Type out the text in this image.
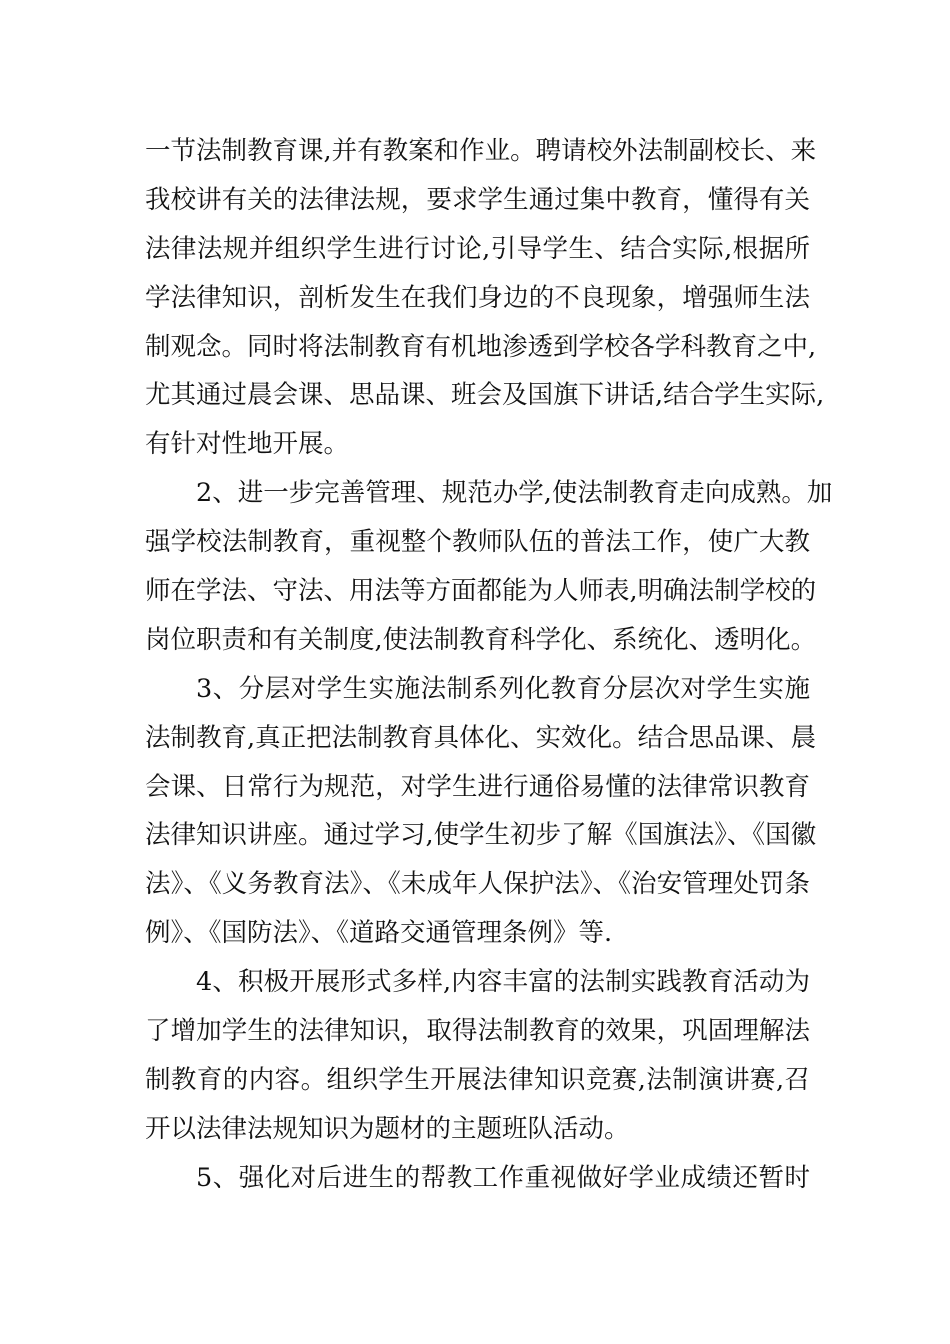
一节法制教育课,并有教案和作业。聘请校外法制副校长、来
我校讲有关的法律法规，要求学生通过集中教育，懂得有关
法律法规并组织学生进行讨论,引导学生、结合实际,根据所
学法律知识，剖析发生在我们身边的不良现象，增强师生法
制观念。同时将法制教育有机地渗透到学校各学科教育之中,
尤其通过晨会课、思品课、班会及国旗下讲话,结合学生实际,
有针对性地开展。
2、进一步完善管理、规范办学,使法制教育走向成熟。加
强学校法制教育，重视整个教师队伍的普法工作，使广大教
师在学法、守法、用法等方面都能为人师表,明确法制学校的
岗位职责和有关制度,使法制教育科学化、系统化、透明化。
3、分层对学生实施法制系列化教育分层次对学生实施
法制教育,真正把法制教育具体化、实效化。结合思品课、晨
会课、日常行为规范，对学生进行通俗易懂的法律常识教育
法律知识讲座。通过学习,使学生初步了解《国旗法》、《国徽
法》、《义务教育法》、《未成年人保护法》、《治安管理处罚条
例》、《国防法》、《道路交通管理条例》等.
4、积极开展形式多样,内容丰富的法制实践教育活动为
了增加学生的法律知识，取得法制教育的效果，巩固理解法
制教育的内容。组织学生开展法律知识竞赛,法制演讲赛,召
开以法律法规知识为题材的主题班队活动。
5、强化对后进生的帮教工作重视做好学业成绩还暂时
